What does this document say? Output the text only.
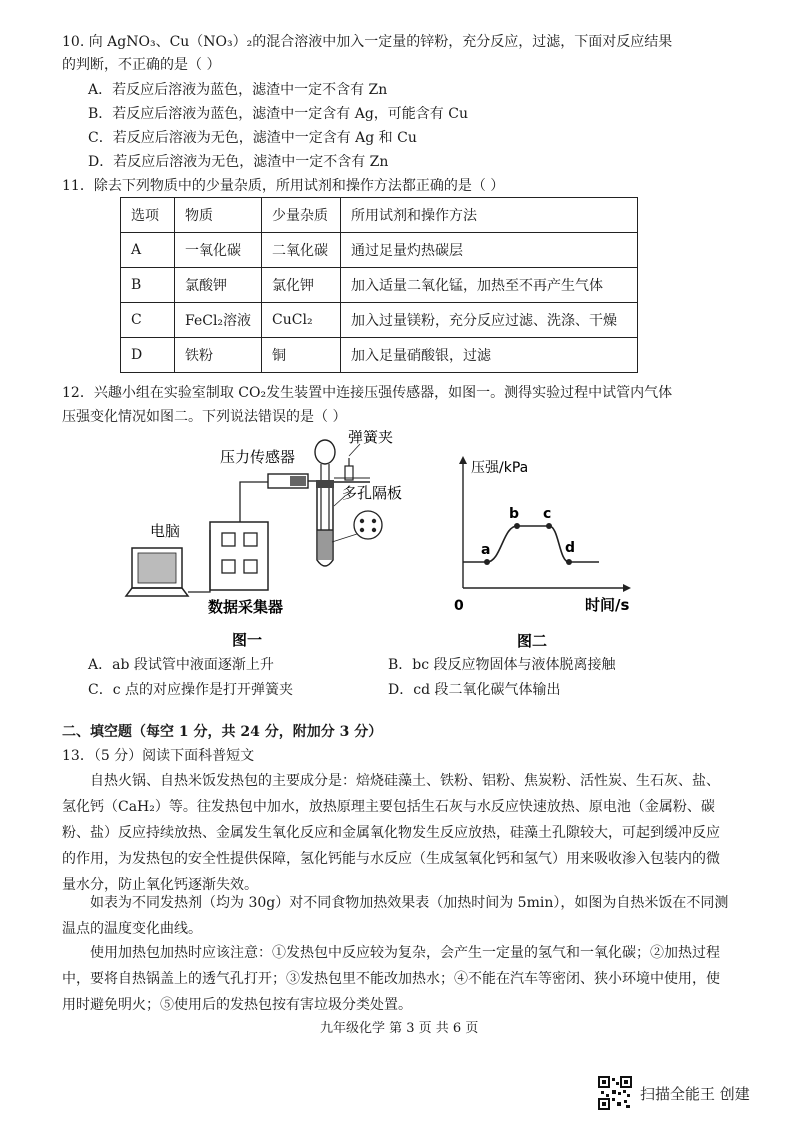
10. 向 AgNO₃、Cu（NO₃）₂的混合溶液中加入一定量的锌粉，充分反应，过滤，下面对反应结果
的判断，不正确的是（ ）
A．若反应后溶液为蓝色，滤渣中一定不含有 Zn
B．若反应后溶液为蓝色，滤渣中一定含有 Ag，可能含有 Cu
C．若反应后溶液为无色，滤渣中一定含有 Ag 和 Cu
D．若反应后溶液为无色，滤渣中一定不含有 Zn
11．除去下列物质中的少量杂质，所用试剂和操作方法都正确的是（ ）
选项	物质	少量杂质	所用试剂和操作方法
A	一氧化碳	二氧化碳	通过足量灼热碳层
B	氯酸钾	氯化钾	加入适量二氧化锰，加热至不再产生气体
C	FeCl₂溶液	CuCl₂	加入过量镁粉，充分反应过滤、洗涤、干燥
D	铁粉	铜	加入足量硝酸银，过滤
12．兴趣小组在实验室制取 CO₂发生装置中连接压强传感器，如图一。测得实验过程中试管内气体
压强变化情况如图二。下列说法错误的是（ ）
压力传感器
弹簧夹
多孔隔板
电脑
数据采集器
图一
a
b c
d
压强/kPa
0	时间/s
图二
A．ab 段试管中液面逐渐上升	B．bc 段反应物固体与液体脱离接触
C．c 点的对应操作是打开弹簧夹	D．cd 段二氧化碳气体输出
二、填空题（每空 1 分，共 24 分，附加分 3 分）
13．（5 分）阅读下面科普短文
自热火锅、自热米饭发热包的主要成分是：焙烧硅藻土、铁粉、铝粉、焦炭粉、活性炭、生石灰、盐、氢化钙（CaH₂）等。往发热包中加水，放热原理主要包括生石灰与水反应快速放热、原电池（金属粉、碳粉、盐）反应持续放热、金属发生氧化反应和金属氧化物发生反应放热，硅藻土孔隙较大，可起到缓冲反应的作用，为发热包的安全性提供保障，氢化钙能与水反应（生成氢氧化钙和氢气）用来吸收渗入包装内的微量水分，防止氧化钙逐渐失效。
如表为不同发热剂（均为 30g）对不同食物加热效果表（加热时间为 5min），如图为自热米饭在不同测温点的温度变化曲线。
使用加热包加热时应该注意：①发热包中反应较为复杂，会产生一定量的氢气和一氧化碳；②加热过程中，要将自热锅盖上的透气孔打开；③发热包里不能改加热水；④不能在汽车等密闭、狭小环境中使用，使用时避免明火；⑤使用后的发热包按有害垃圾分类处置。
九年级化学 第 3 页 共 6 页
扫描全能王 创建
